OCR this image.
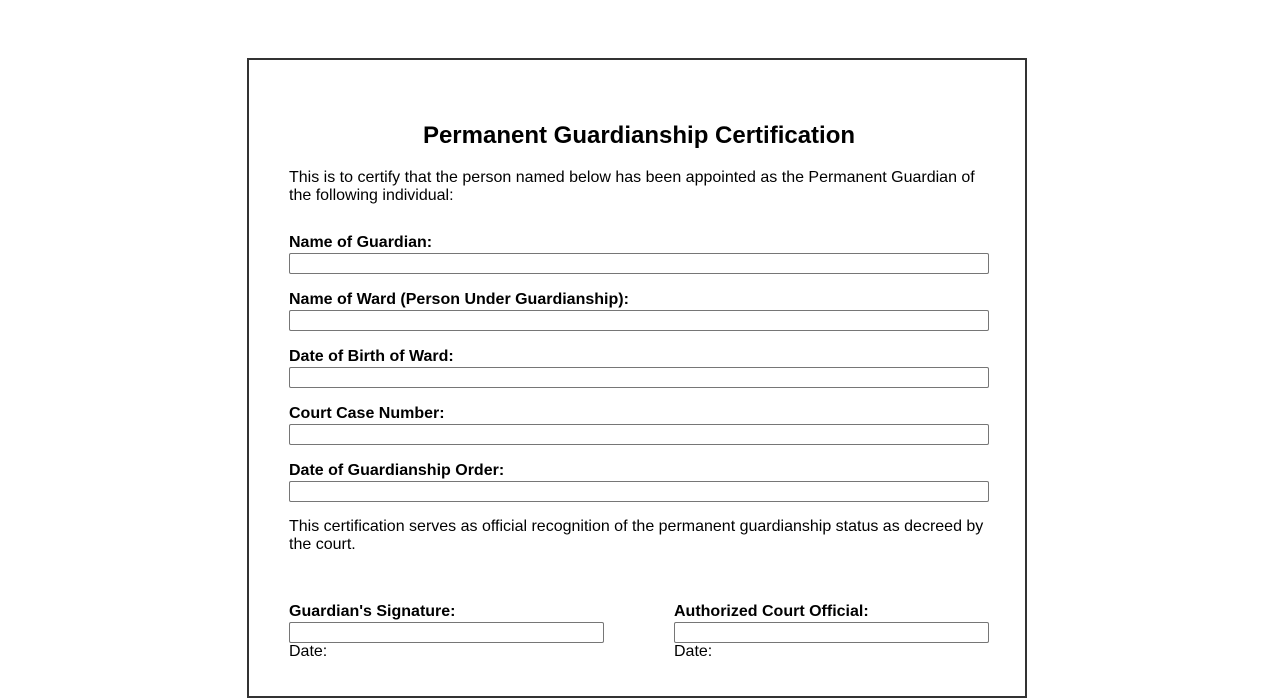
Permanent Guardianship Certification

This is to certify that the person named below has been appointed as the Permanent Guardian of the following individual:

Name of Guardian:
Name of Ward (Person Under Guardianship):
Date of Birth of Ward:
Court Case Number:
Date of Guardianship Order:

This certification serves as official recognition of the permanent guardianship status as decreed by the court.

Guardian's Signature:
Date:
Authorized Court Official:
Date:
